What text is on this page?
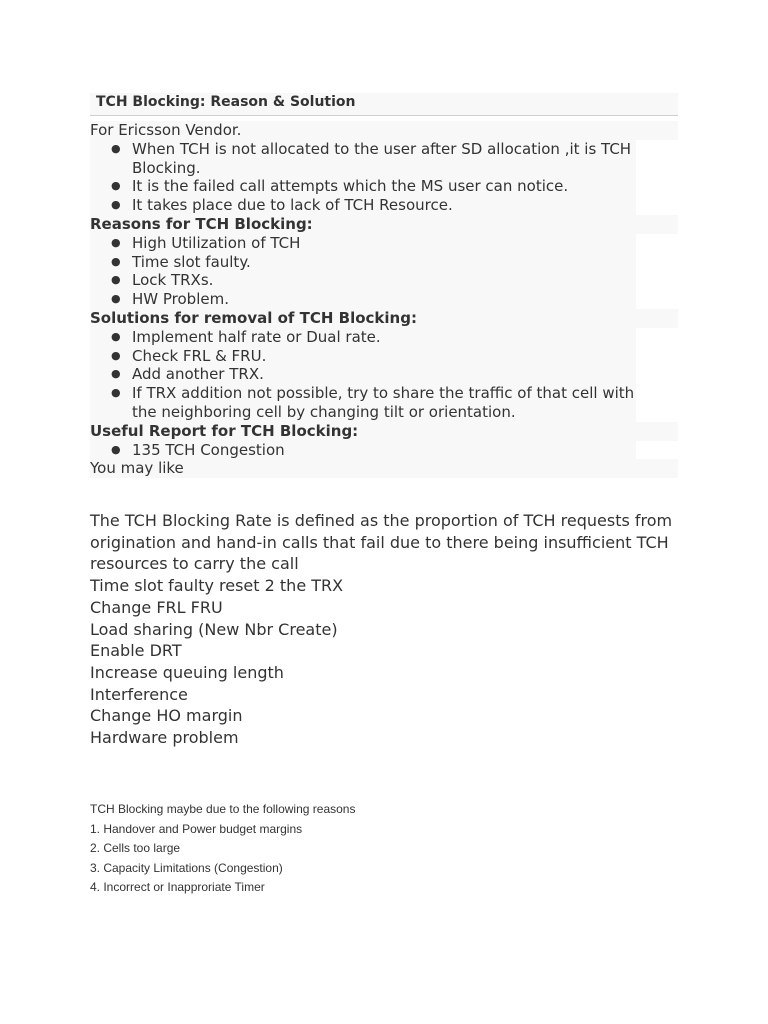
TCH Blocking: Reason & Solution
For Ericsson Vendor.
● When TCH is not allocated to the user after SD allocation ,it is TCH Blocking.
● It is the failed call attempts which the MS user can notice.
● It takes place due to lack of TCH Resource.
Reasons for TCH Blocking:
● High Utilization of TCH
● Time slot faulty.
● Lock TRXs.
● HW Problem.
Solutions for removal of TCH Blocking:
● Implement half rate or Dual rate.
● Check FRL & FRU.
● Add another TRX.
● If TRX addition not possible, try to share the traffic of that cell with the neighboring cell by changing tilt or orientation.
Useful Report for TCH Blocking:
● 135 TCH Congestion
You may like
The TCH Blocking Rate is defined as the proportion of TCH requests from origination and hand-in calls that fail due to there being insufficient TCH resources to carry the call
Time slot faulty reset 2 the TRX
Change FRL FRU
Load sharing (New Nbr Create)
Enable DRT
Increase queuing length
Interference
Change HO margin
Hardware problem
TCH Blocking maybe due to the following reasons
1. Handover and Power budget margins
2. Cells too large
3. Capacity Limitations (Congestion)
4. Incorrect or Inapproriate Timer
